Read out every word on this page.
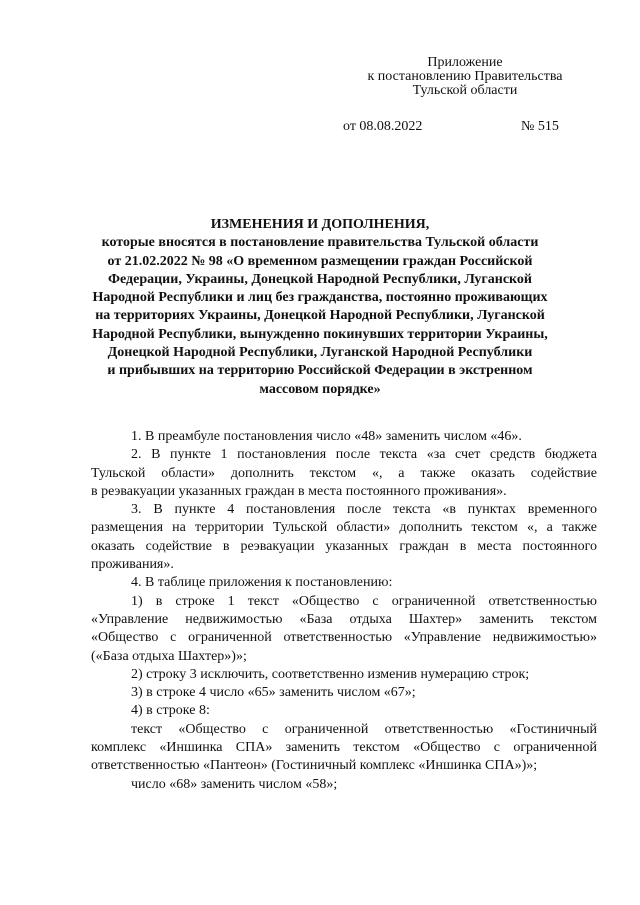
Приложение
к постановлению Правительства
Тульской области
от 08.08.2022	№ 515
ИЗМЕНЕНИЯ И ДОПОЛНЕНИЯ,
которые вносятся в постановление правительства Тульской области
от 21.02.2022 № 98 «О временном размещении граждан Российской
Федерации, Украины, Донецкой Народной Республики, Луганской
Народной Республики и лиц без гражданства, постоянно проживающих
на территориях Украины, Донецкой Народной Республики, Луганской
Народной Республики, вынужденно покинувших территории Украины,
Донецкой Народной Республики, Луганской Народной Республики
и прибывших на территорию Российской Федерации в экстренном
массовом порядке»
1. В преамбуле постановления число «48» заменить числом «46».
2. В пункте 1 постановления после текста «за счет средств бюджета
Тульской области» дополнить текстом «, а также оказать содействие
в реэвакуации указанных граждан в места постоянного проживания».
3. В пункте 4 постановления после текста «в пунктах временного
размещения на территории Тульской области» дополнить текстом «, а также
оказать содействие в реэвакуации указанных граждан в места постоянного
проживания».
4. В таблице приложения к постановлению:
1) в строке 1 текст «Общество с ограниченной ответственностью
«Управление недвижимостью «База отдыха Шахтер» заменить текстом
«Общество с ограниченной ответственностью «Управление недвижимостью»
(«База отдыха Шахтер»)»;
2) строку 3 исключить, соответственно изменив нумерацию строк;
3) в строке 4 число «65» заменить числом «67»;
4) в строке 8:
текст «Общество с ограниченной ответственностью «Гостиничный
комплекс «Иншинка СПА» заменить текстом «Общество с ограниченной
ответственностью «Пантеон» (Гостиничный комплекс «Иншинка СПА»)»;
число «68» заменить числом «58»;
